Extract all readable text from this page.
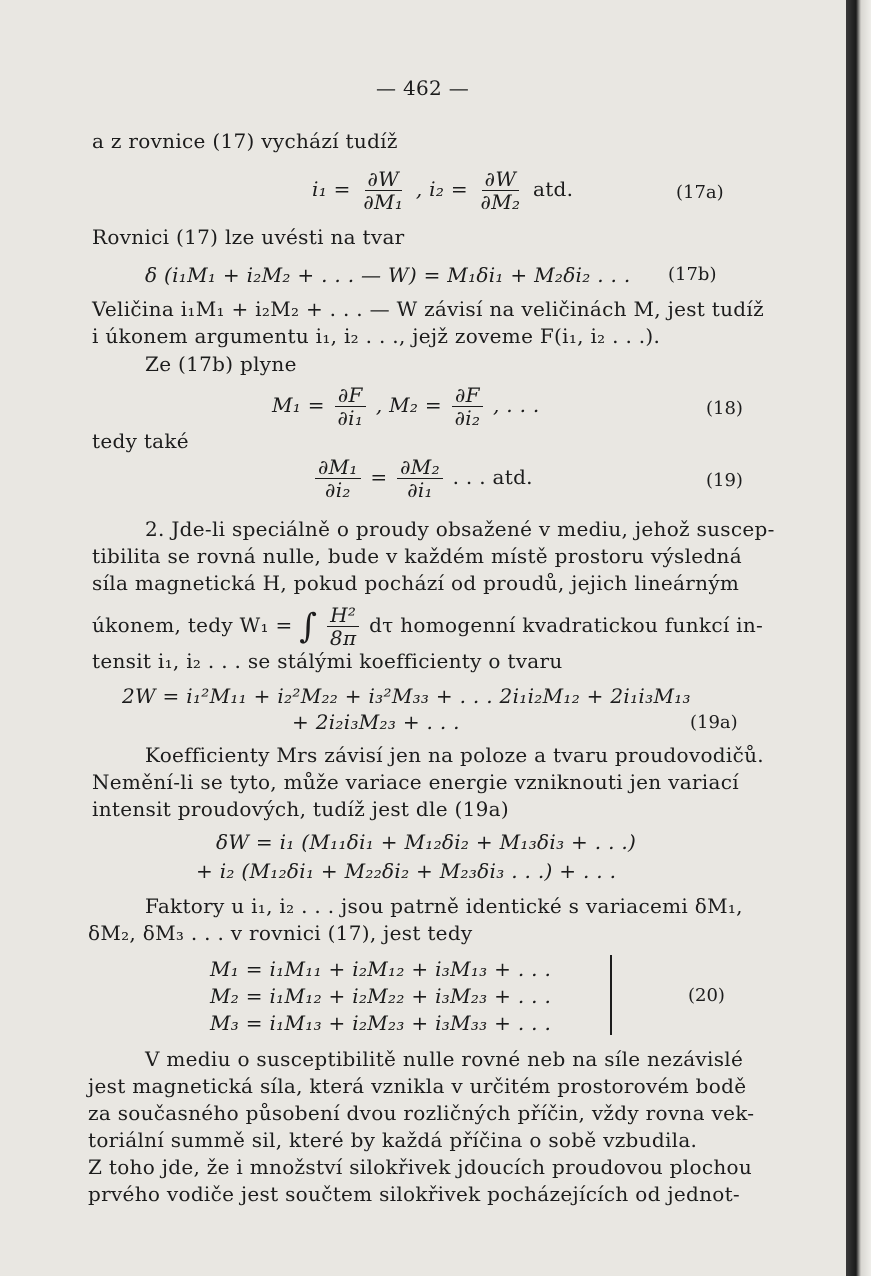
— 462 —
a z rovnice (17) vychází tudíž
$i_1 = \frac{\partial W}{\text{∂M₁}}$ , $i_2 = \frac{\partial W}{\text{∂M₂}}$ atd.	(17a)
Rovnici (17) lze uvésti na tvar
δ (i₁M₁ + i₂M₂ + . . . — W) = M₁δi₁ + M₂δi₂ . . . (17b)
Veličina i₁M₁ + i₂M₂ + . . . — W závisí na veličinách M, jest tudíž
i úkonem argumentu i₁, i₂ . . ., jejž zoveme F(i₁, i₂ . . .).
Ze (17b) plyne
$M_1 = \frac{\partial F}{\text{∂i₁}}$ , $M_2 = \frac{\partial F}{\text{∂i₂}}$ , . . .	(18)
tedy také
$\frac{\text{∂M₁}}{\text{∂i₂}} = \frac{\text{∂M₂}}{\text{∂i₁}}$ . . . atd.	(19)
2. Jde-li speciálně o proudy obsažené v mediu, jehož suscep-
tibilita se rovná nulle, bude v každém místě prostoru výsledná
síla magnetická H, pokud pochází od proudů, jejich lineárným
úkonem, tedy W₁ = ∫ $\frac{\text{H²}}{8\pi}$ dτ homogenní kvadratickou funkcí in-
tensit i₁, i₂ . . . se stálými koefficienty o tvaru
2W = i₁²M₁₁ + i₂²M₂₂ + i₃²M₃₃ + . . . 2i₁i₂M₁₂ + 2i₁i₃M₁₃
+ 2i₂i₃M₂₃ + . . .	(19a)
Koefficienty Mrs závisí jen na poloze a tvaru proudovodičů.
Nemění-li se tyto, může variace energie vzniknouti jen variací
intensit proudových, tudíž jest dle (19a)
δW = i₁ (M₁₁δi₁ + M₁₂δi₂ + M₁₃δi₃ + . . .)
+ i₂ (M₁₂δi₁ + M₂₂δi₂ + M₂₃δi₃ . . .) + . . .
Faktory u i₁, i₂ . . . jsou patrně identické s variacemi δM₁,
δM₂, δM₃ . . . v rovnici (17), jest tedy
M₁ = i₁M₁₁ + i₂M₁₂ + i₃M₁₃ + . . .
M₂ = i₁M₁₂ + i₂M₂₂ + i₃M₂₃ + . . .
M₃ = i₁M₁₃ + i₂M₂₃ + i₃M₃₃ + . . .
(20)
V mediu o susceptibilitě nulle rovné neb na síle nezávislé
jest magnetická síla, která vznikla v určitém prostorovém bodě
za současného působení dvou rozličných příčin, vždy rovna vek-
toriální summě sil, které by každá příčina o sobě vzbudila.
Z toho jde, že i množství silokřivek jdoucích proudovou plochou
prvého vodiče jest součtem silokřivek pocházejících od jednot-
